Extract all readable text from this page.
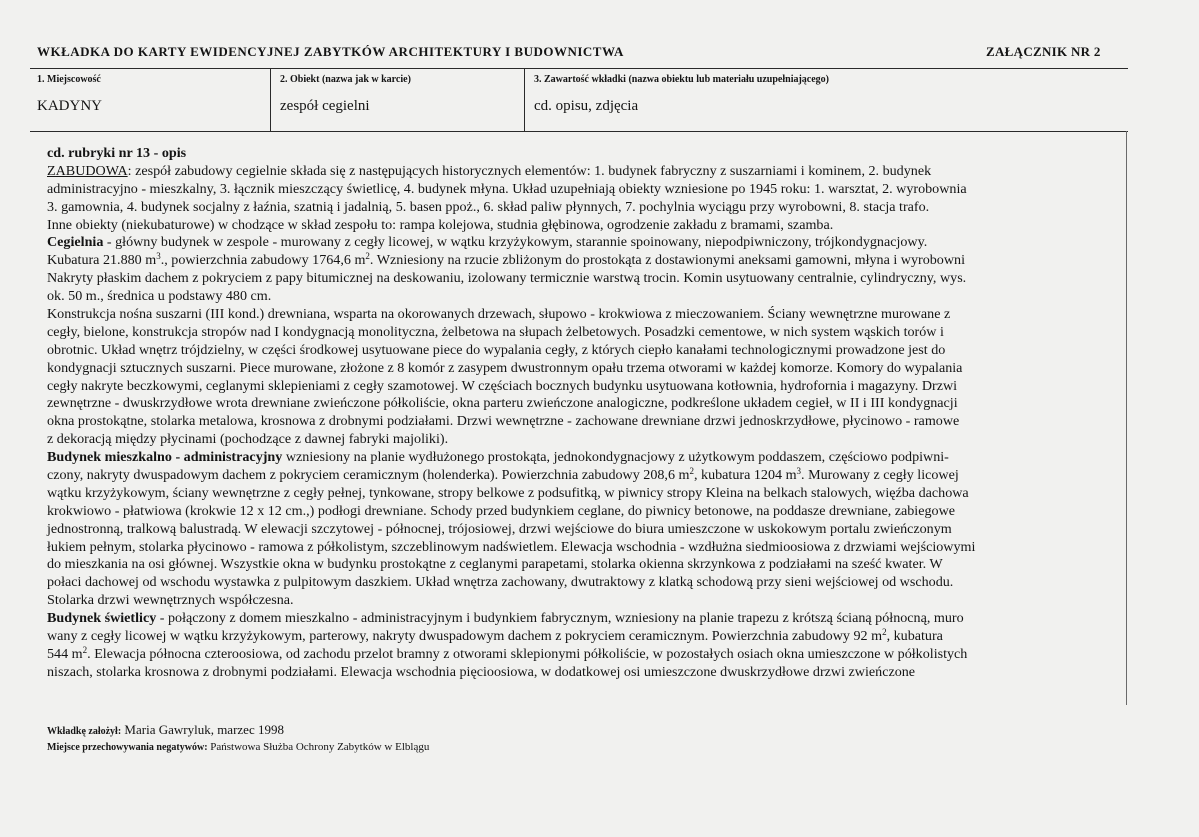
WKŁADKA DO KARTY EWIDENCYJNEJ ZABYTKÓW ARCHITEKTURY I BUDOWNICTWA	ZAŁĄCZNIK NR 2
1. Miejscowość
KADYNY
2. Obiekt (nazwa jak w karcie)
zespół cegielni
3. Zawartość wkładki (nazwa obiektu lub materiału uzupełniającego)
cd. opisu, zdjęcia
cd. rubryki nr 13 - opis
ZABUDOWA: zespół zabudowy cegielnie składa się z następujących historycznych elementów: 1. budynek fabryczny z suszarniami i kominem, 2. budynek
administracyjno - mieszkalny, 3. łącznik mieszczący świetlicę, 4. budynek młyna. Układ uzupełniają obiekty wzniesione po 1945 roku: 1. warsztat, 2. wyrobownia
3. gamownia, 4. budynek socjalny z łaźnia, szatnią i jadalnią, 5. basen ppoż., 6. skład paliw płynnych, 7. pochylnia wyciągu przy wyrobowni, 8. stacja trafo.
Inne obiekty (niekubaturowe) w chodzące w skład zespołu to: rampa kolejowa, studnia głębinowa, ogrodzenie zakładu z bramami, szamba.
Cegielnia - główny budynek w zespole - murowany z cegły licowej, w wątku krzyżykowym, starannie spoinowany, niepodpiwniczony, trójkondygnacjowy.
Kubatura 21.880 $m^3$., powierzchnia zabudowy 1764,6 $m^2$. Wzniesiony na rzucie zbliżonym do prostokąta z dostawionymi aneksami gamowni, młyna i wyrobowni
Nakryty płaskim dachem z pokryciem z papy bitumicznej na deskowaniu, izolowany termicznie warstwą trocin. Komin usytuowany centralnie, cylindryczny, wys.
ok. 50 m., średnica u podstawy 480 cm.
Konstrukcja nośna suszarni (III kond.) drewniana, wsparta na okorowanych drzewach, słupowo - krokwiowa z mieczowaniem. Ściany wewnętrzne murowane z
cegły, bielone, konstrukcja stropów nad I kondygnacją monolityczna, żelbetowa na słupach żelbetowych. Posadzki cementowe, w nich system wąskich torów i
obrotnic. Układ wnętrz trójdzielny, w części środkowej usytuowane piece do wypalania cegły, z których ciepło kanałami technologicznymi prowadzone jest do
kondygnacji sztucznych suszarni. Piece murowane, złożone z 8 komór z zasypem dwustronnym opału trzema otworami w każdej komorze. Komory do wypalania
cegły nakryte beczkowymi, ceglanymi sklepieniami z cegły szamotowej. W częściach bocznych budynku usytuowana kotłownia, hydrofornia i magazyny. Drzwi
zewnętrzne - dwuskrzydłowe wrota drewniane zwieńczone półkoliście, okna parteru zwieńczone analogiczne, podkreślone układem cegieł, w II i III kondygnacji
okna prostokątne, stolarka metalowa, krosnowa z drobnymi podziałami. Drzwi wewnętrzne - zachowane drewniane drzwi jednoskrzydłowe, płycinowo - ramowe
z dekoracją między płycinami (pochodzące z dawnej fabryki majoliki).
Budynek mieszkalno - administracyjny wzniesiony na planie wydłużonego prostokąta, jednokondygnacjowy z użytkowym poddaszem, częściowo podpiwni-
czony, nakryty dwuspadowym dachem z pokryciem ceramicznym (holenderka). Powierzchnia zabudowy 208,6 $m^2$, kubatura 1204 $m^3$. Murowany z cegły licowej
wątku krzyżykowym, ściany wewnętrzne z cegły pełnej, tynkowane, stropy belkowe z podsufitką, w piwnicy stropy Kleina na belkach stalowych, więźba dachowa
krokwiowo - płatwiowa (krokwie 12 x 12 cm.,) podłogi drewniane. Schody przed budynkiem ceglane, do piwnicy betonowe, na poddasze drewniane, zabiegowe
jednostronną, tralkową balustradą. W elewacji szczytowej - północnej, trójosiowej, drzwi wejściowe do biura umieszczone w uskokowym portalu zwieńczonym
łukiem pełnym, stolarka płycinowo - ramowa z półkolistym, szczeblinowym nadświetlem. Elewacja wschodnia - wzdłużna siedmioosiowa z drzwiami wejściowymi
do mieszkania na osi głównej. Wszystkie okna w budynku prostokątne z ceglanymi parapetami, stolarka okienna skrzynkowa z podziałami na sześć kwater. W
połaci dachowej od wschodu wystawka z pulpitowym daszkiem. Układ wnętrza zachowany, dwutraktowy z klatką schodową przy sieni wejściowej od wschodu.
Stolarka drzwi wewnętrznych współczesna.
Budynek świetlicy - połączony z domem mieszkalno - administracyjnym i budynkiem fabrycznym, wzniesiony na planie trapezu z krótszą ścianą północną, muro
wany z cegły licowej w wątku krzyżykowym, parterowy, nakryty dwuspadowym dachem z pokryciem ceramicznym. Powierzchnia zabudowy 92 $m^2$, kubatura
544 $m^2$. Elewacja północna czteroosiowa, od zachodu przelot bramny z otworami sklepionymi półkoliście, w pozostałych osiach okna umieszczone w półkolistych
niszach, stolarka krosnowa z drobnymi podziałami. Elewacja wschodnia pięcioosiowa, w dodatkowej osi umieszczone dwuskrzydłowe drzwi zwieńczone
Wkładkę założył: Maria Gawryluk, marzec 1998
Miejsce przechowywania negatywów: Państwowa Służba Ochrony Zabytków w Elblągu
